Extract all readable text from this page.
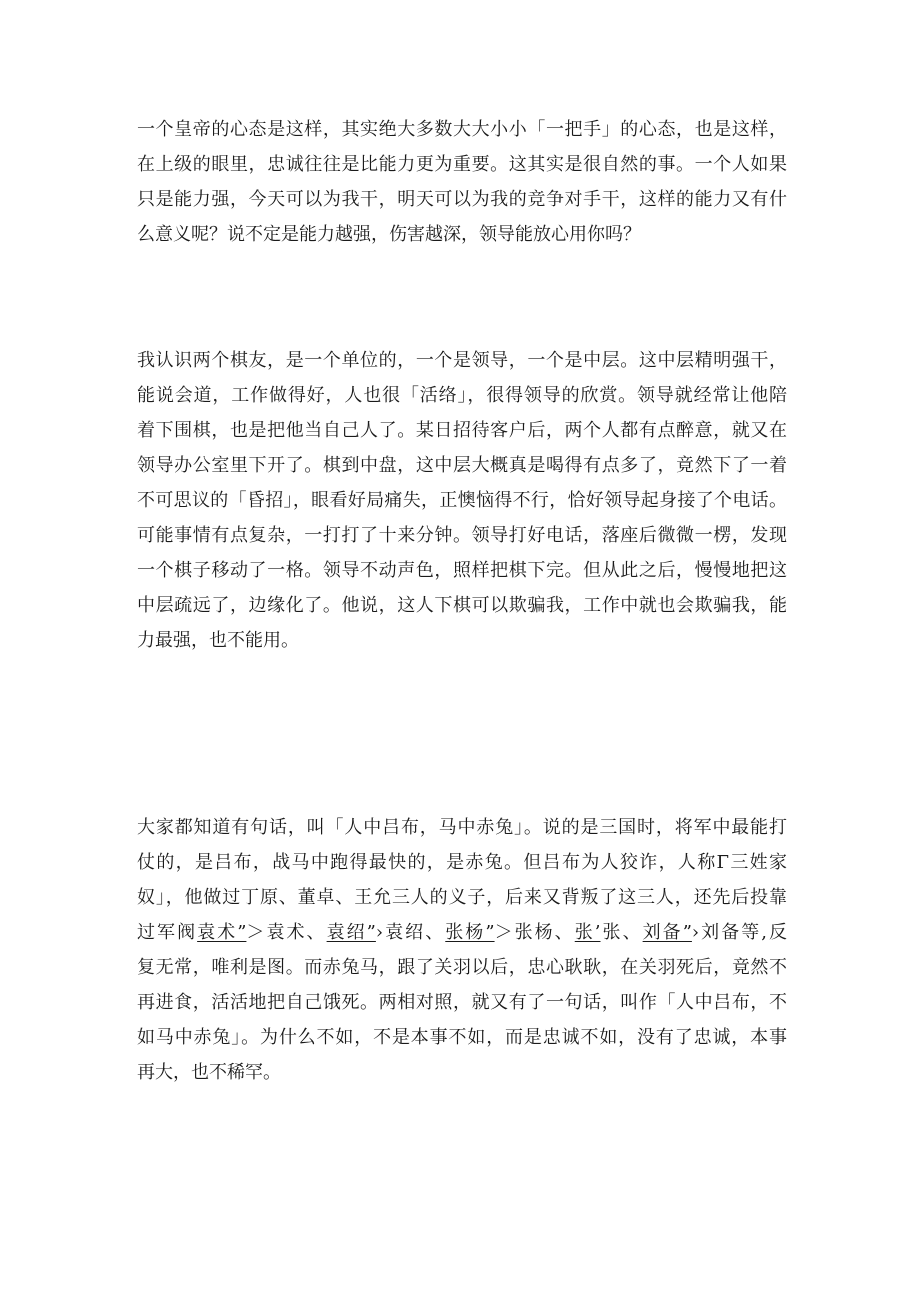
一个皇帝的心态是这样，其实绝大多数大大小小「一把手」的心态，也是这样，
在上级的眼里，忠诚往往是比能力更为重要。这其实是很自然的事。一个人如果
只是能力强，今天可以为我干，明天可以为我的竞争对手干，这样的能力又有什
么意义呢？说不定是能力越强，伤害越深，领导能放心用你吗？
我认识两个棋友，是一个单位的，一个是领导，一个是中层。这中层精明强干，
能说会道，工作做得好，人也很「活络」，很得领导的欣赏。领导就经常让他陪
着下围棋，也是把他当自己人了。某日招待客户后，两个人都有点醉意，就又在
领导办公室里下开了。棋到中盘，这中层大概真是喝得有点多了，竟然下了一着
不可思议的「昏招」，眼看好局痛失，正懊恼得不行，恰好领导起身接了个电话。
可能事情有点复杂，一打打了十来分钟。领导打好电话，落座后微微一楞，发现
一个棋子移动了一格。领导不动声色，照样把棋下完。但从此之后，慢慢地把这
中层疏远了，边缘化了。他说，这人下棋可以欺骗我，工作中就也会欺骗我，能
力最强，也不能用。
大家都知道有句话，叫「人中吕布，马中赤兔」。说的是三国时，将军中最能打
仗的，是吕布，战马中跑得最快的，是赤兔。但吕布为人狡诈，人称Γ三姓家
奴」，他做过丁原、董卓、王允三人的义子，后来又背叛了这三人，还先后投靠
过军阀袁术”＞袁术、袁绍”›袁绍、张杨”＞张杨、张’张、刘备”›刘备等,反
复无常，唯利是图。而赤兔马，跟了关羽以后，忠心耿耿，在关羽死后，竟然不
再进食，活活地把自己饿死。两相对照，就又有了一句话，叫作「人中吕布，不
如马中赤兔」。为什么不如，不是本事不如，而是忠诚不如，没有了忠诚，本事
再大，也不稀罕。
